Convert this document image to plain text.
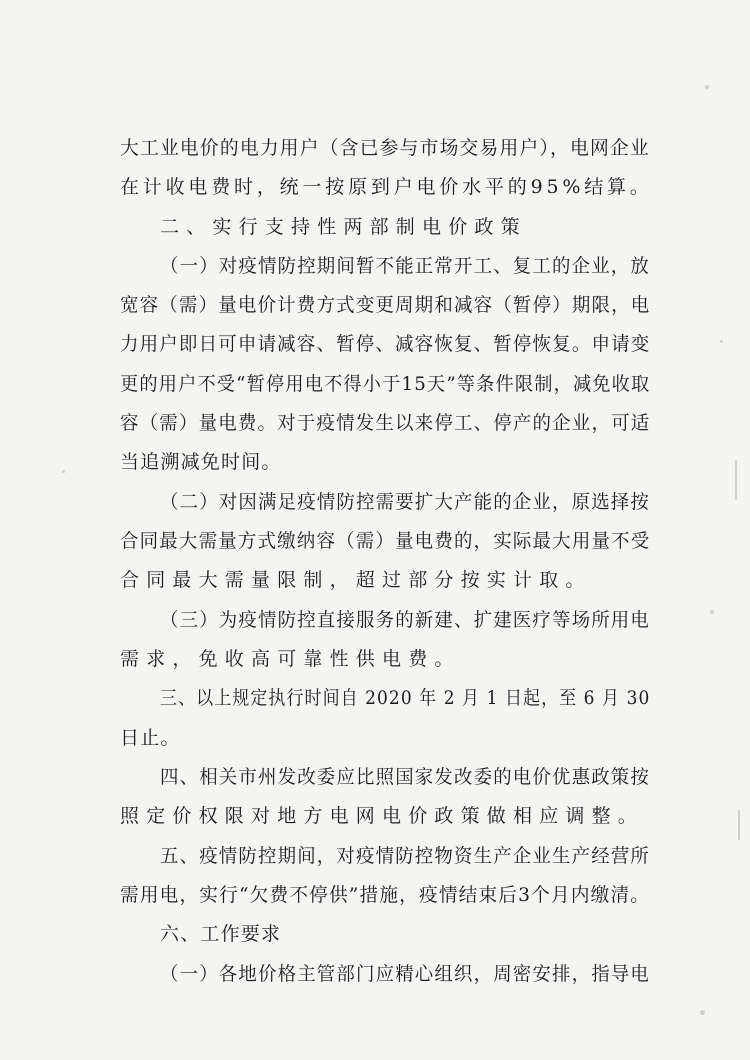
大工业电价的电力用户（含已参与市场交易用户），电网企业
在计收电费时，统一按原到户电价水平的95%结算。
二、实行支持性两部制电价政策
（一）对疫情防控期间暂不能正常开工、复工的企业，放
宽容（需）量电价计费方式变更周期和减容（暂停）期限，电
力用户即日可申请减容、暂停、减容恢复、暂停恢复。申请变
更的用户不受“暂停用电不得小于15天”等条件限制，减免收取
容（需）量电费。对于疫情发生以来停工、停产的企业，可适
当追溯减免时间。
（二）对因满足疫情防控需要扩大产能的企业，原选择按
合同最大需量方式缴纳容（需）量电费的，实际最大用量不受
合同最大需量限制，超过部分按实计取。
（三）为疫情防控直接服务的新建、扩建医疗等场所用电
需求，免收高可靠性供电费。
三、以上规定执行时间自 2020 年 2 月 1 日起，至 6 月 30
日止。
四、相关市州发改委应比照国家发改委的电价优惠政策按
照定价权限对地方电网电价政策做相应调整。
五、疫情防控期间，对疫情防控物资生产企业生产经营所
需用电，实行“欠费不停供”措施，疫情结束后3个月内缴清。
六、工作要求
（一）各地价格主管部门应精心组织，周密安排，指导电
